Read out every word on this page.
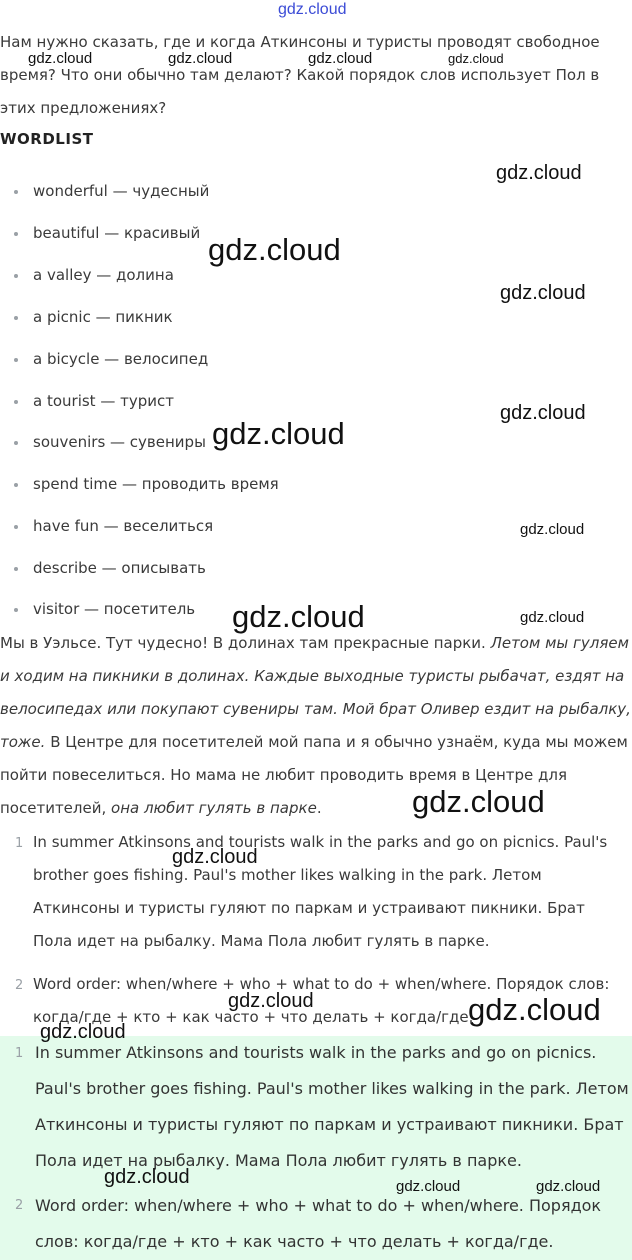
gdz.cloud
Нам нужно сказать, где и когда Аткинсоны и туристы проводят свободное время? Что они обычно там делают? Какой порядок слов использует Пол в этих предложениях?
WORDLIST
wonderful — чудесный
beautiful — красивый
a valley — долина
a picnic — пикник
a bicycle — велосипед
a tourist — турист
souvenirs — сувениры
spend time — проводить время
have fun — веселиться
describe — описывать
visitor — посетитель
Мы в Уэльсе. Тут чудесно! В долинах там прекрасные парки. Летом мы гуляем и ходим на пикники в долинах. Каждые выходные туристы рыбачат, ездят на велосипедах или покупают сувениры там. Мой брат Оливер ездит на рыбалку, тоже. В Центре для посетителей мой папа и я обычно узнаём, куда мы можем пойти повеселиться. Но мама не любит проводить время в Центре для посетителей, она любит гулять в парке.
1 In summer Atkinsons and tourists walk in the parks and go on picnics. Paul's brother goes fishing. Paul's mother likes walking in the park. Летом Аткинсоны и туристы гуляют по паркам и устраивают пикники. Брат Пола идет на рыбалку. Мама Пола любит гулять в парке.
2 Word order: when/where + who + what to do + when/where. Порядок слов: когда/где + кто + как часто + что делать + когда/где.
1 In summer Atkinsons and tourists walk in the parks and go on picnics. Paul's brother goes fishing. Paul's mother likes walking in the park. Летом Аткинсоны и туристы гуляют по паркам и устраивают пикники. Брат Пола идет на рыбалку. Мама Пола любит гулять в парке.
2 Word order: when/where + who + what to do + when/where. Порядок слов: когда/где + кто + как часто + что делать + когда/где.
gdz.cloud	gdz.cloud	gdz.cloud	gdz.cloud
gdz.cloud
gdz.cloud
gdz.cloud
gdz.cloud
gdz.cloud
gdz.cloud
gdz.cloud	gdz.cloud
gdz.cloud
gdz.cloud
gdz.cloud	gdz.cloud
gdz.cloud
gdz.cloud	gdz.cloud	gdz.cloud
